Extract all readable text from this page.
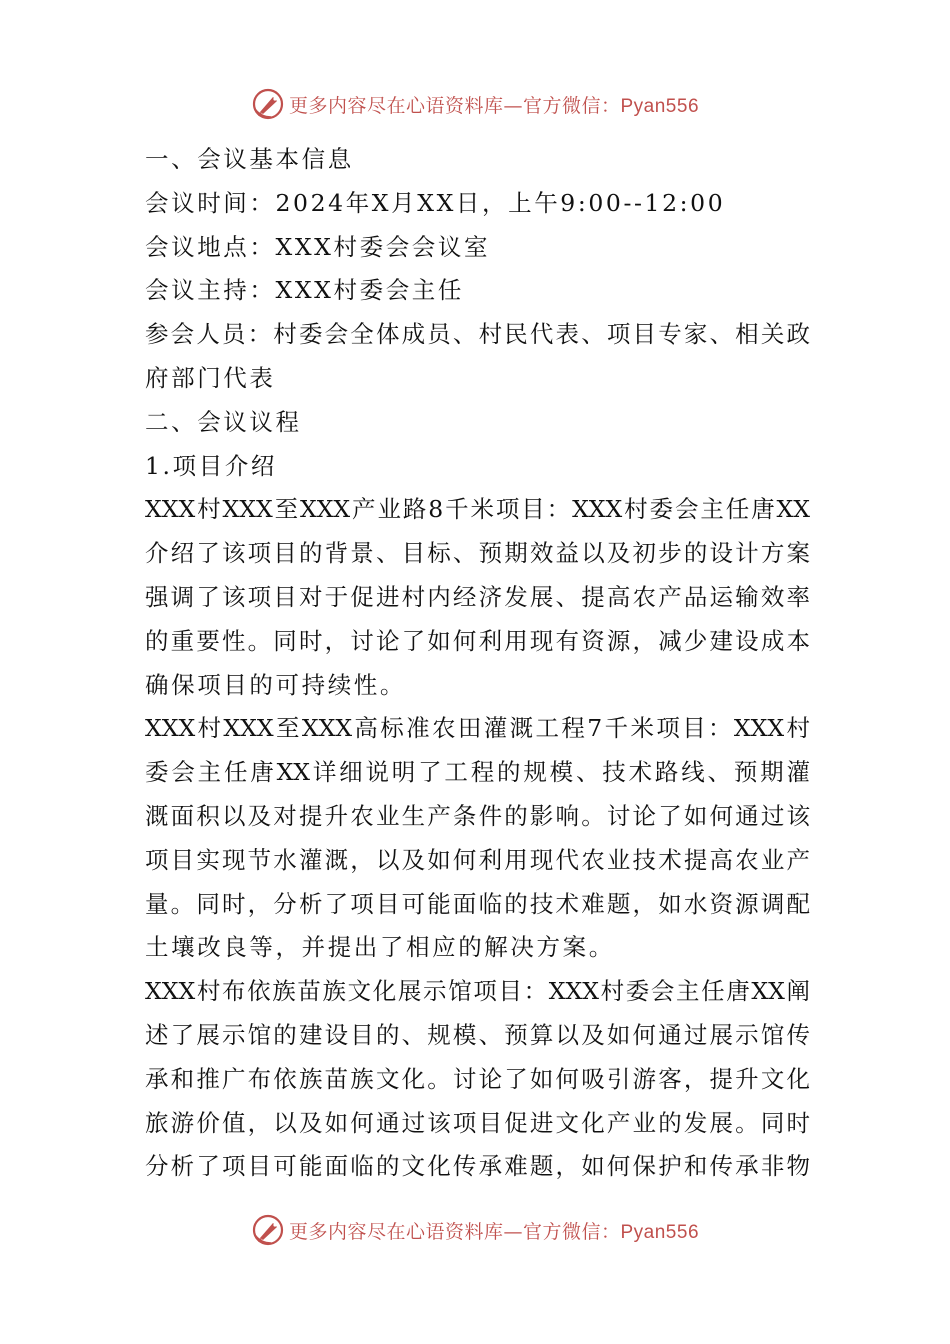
更多内容尽在心语资料库—官方微信：Pyan556
一、会议基本信息
会议时间：2024年X月XX日，上午9:00--12:00
会议地点：XXX村委会会议室
会议主持：XXX村委会主任
参会人员：村委会全体成员、村民代表、项目专家、相关政
府部门代表
二、会议议程
1.项目介绍
XXX村XXX至XXX产业路8千米项目：XXX村委会主任唐XX
介绍了该项目的背景、目标、预期效益以及初步的设计方案
强调了该项目对于促进村内经济发展、提高农产品运输效率
的重要性。同时，讨论了如何利用现有资源，减少建设成本
确保项目的可持续性。
XXX村XXX至XXX高标准农田灌溉工程7千米项目：XXX村
委会主任唐XX详细说明了工程的规模、技术路线、预期灌
溉面积以及对提升农业生产条件的影响。讨论了如何通过该
项目实现节水灌溉，以及如何利用现代农业技术提高农业产
量。同时，分析了项目可能面临的技术难题，如水资源调配
土壤改良等，并提出了相应的解决方案。
XXX村布依族苗族文化展示馆项目：XXX村委会主任唐XX阐
述了展示馆的建设目的、规模、预算以及如何通过展示馆传
承和推广布依族苗族文化。讨论了如何吸引游客，提升文化
旅游价值，以及如何通过该项目促进文化产业的发展。同时
分析了项目可能面临的文化传承难题，如何保护和传承非物
更多内容尽在心语资料库—官方微信：Pyan556
